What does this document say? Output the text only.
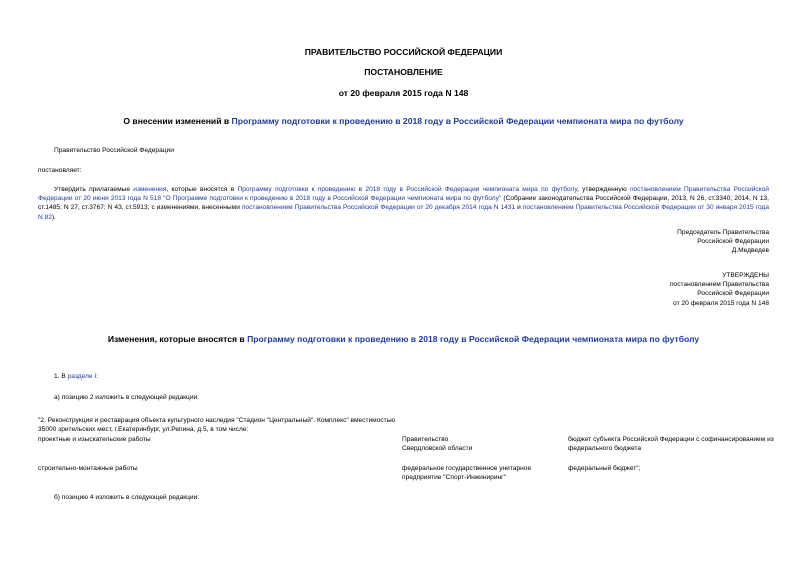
ПРАВИТЕЛЬСТВО РОССИЙСКОЙ ФЕДЕРАЦИИ
ПОСТАНОВЛЕНИЕ
от 20 февраля 2015 года N 148
О внесении изменений в Программу подготовки к проведению в 2018 году в Российской Федерации чемпионата мира по футболу
Правительство Российской Федерации
постановляет:
Утвердить прилагаемые изменения, которые вносятся в Программу подготовки к проведению в 2018 году в Российской Федерации чемпионата мира по футболу, утвержденную постановлением Правительства Российской Федерации от 20 июня 2013 года N 518 "О Программе подготовки к проведению в 2018 году в Российской Федерации чемпионата мира по футболу" (Собрание законодательства Российской Федерации, 2013, N 26, ст.3340; 2014, N 13, ст.1485; N 27, ст.3767; N 43, ст.5913; с изменениями, внесенными постановлением Правительства Российской Федерации от 20 декабря 2014 года N 1431 и постановлением Правительства Российской Федерации от 30 января 2015 года N 82).
Председатель Правительства
Российской Федерации
Д.Медведев
УТВЕРЖДЕНЫ
постановлением Правительства
Российской Федерации
от 20 февраля 2015 года N 148
Изменения, которые вносятся в Программу подготовки к проведению в 2018 году в Российской Федерации чемпионата мира по футболу
1. В разделе I:
а) позицию 2 изложить в следующей редакции:
"2. Реконструкция и реставрация объекта культурного наследия "Стадион "Центральный". Комплекс" вместимостью
35000 зрительских мест, г.Екатеринбург, ул.Репина, д.5, в том числе:
проектные и изыскательские работы	Правительство Свердловской области
бюджет субъекта Российской Федерации с софинансированием из федерального бюджета
строительно-монтажные работы	федеральное государственное унитарное предприятие "Спорт-Инжиниринг"
федеральный бюджет";
б) позицию 4 изложить в следующей редакции:
